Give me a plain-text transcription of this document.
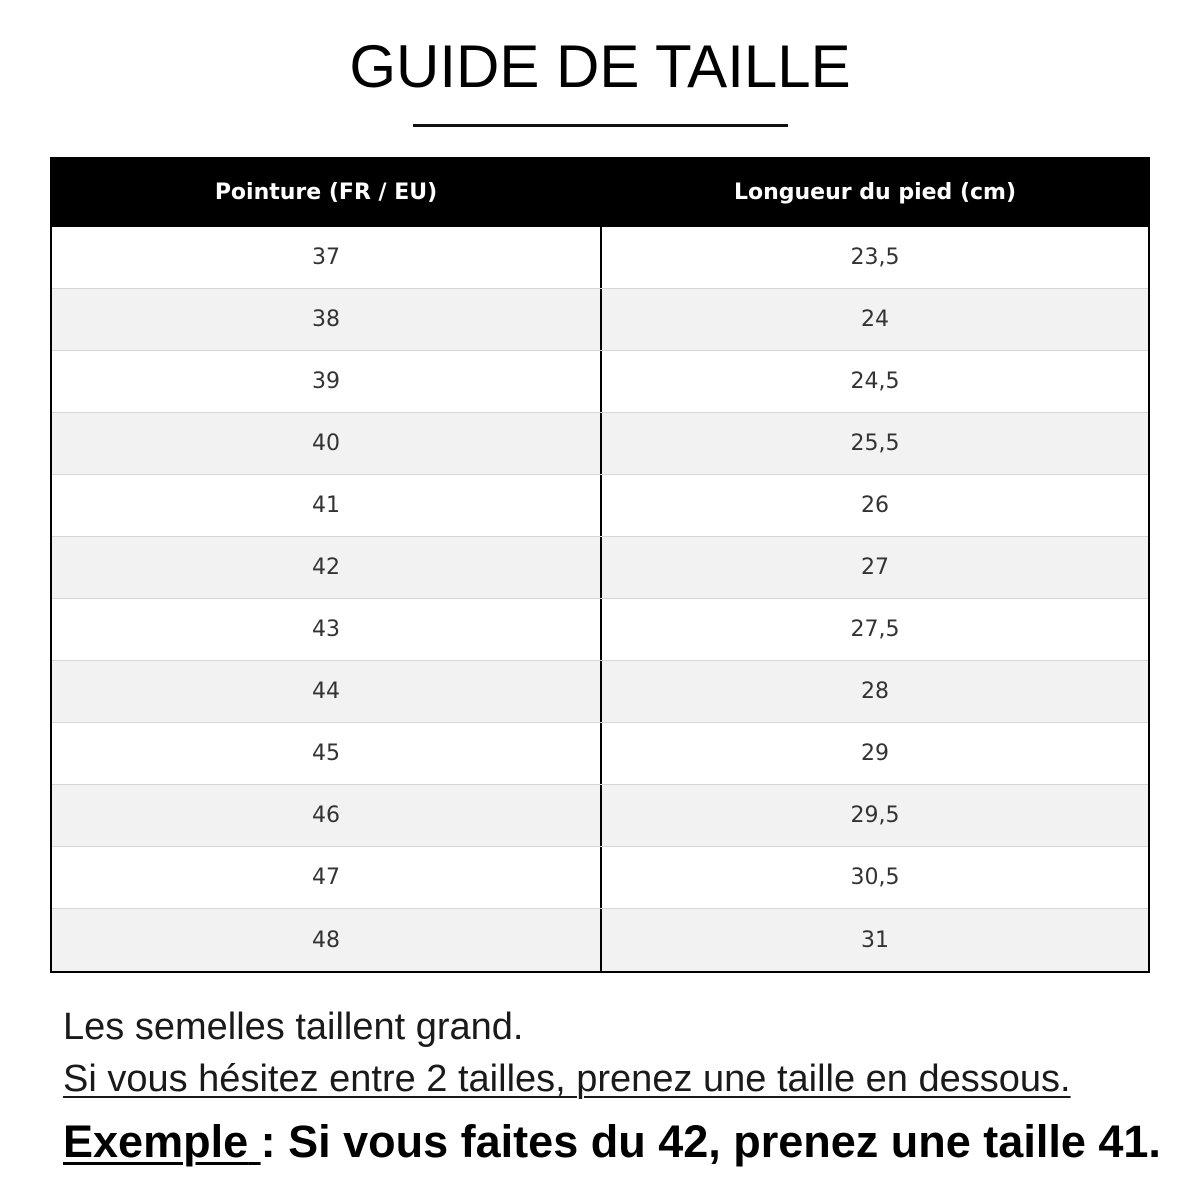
GUIDE DE TAILLE
Pointure (FR / EU)	Longueur du pied (cm)
37	23,5
38	24
39	24,5
40	25,5
41	26
42	27
43	27,5
44	28
45	29
46	29,5
47	30,5
48	31

Les semelles taillent grand.

Si vous hésitez entre 2 tailles, prenez une taille en dessous.

Exemple : Si vous faites du 42, prenez une taille 41.
